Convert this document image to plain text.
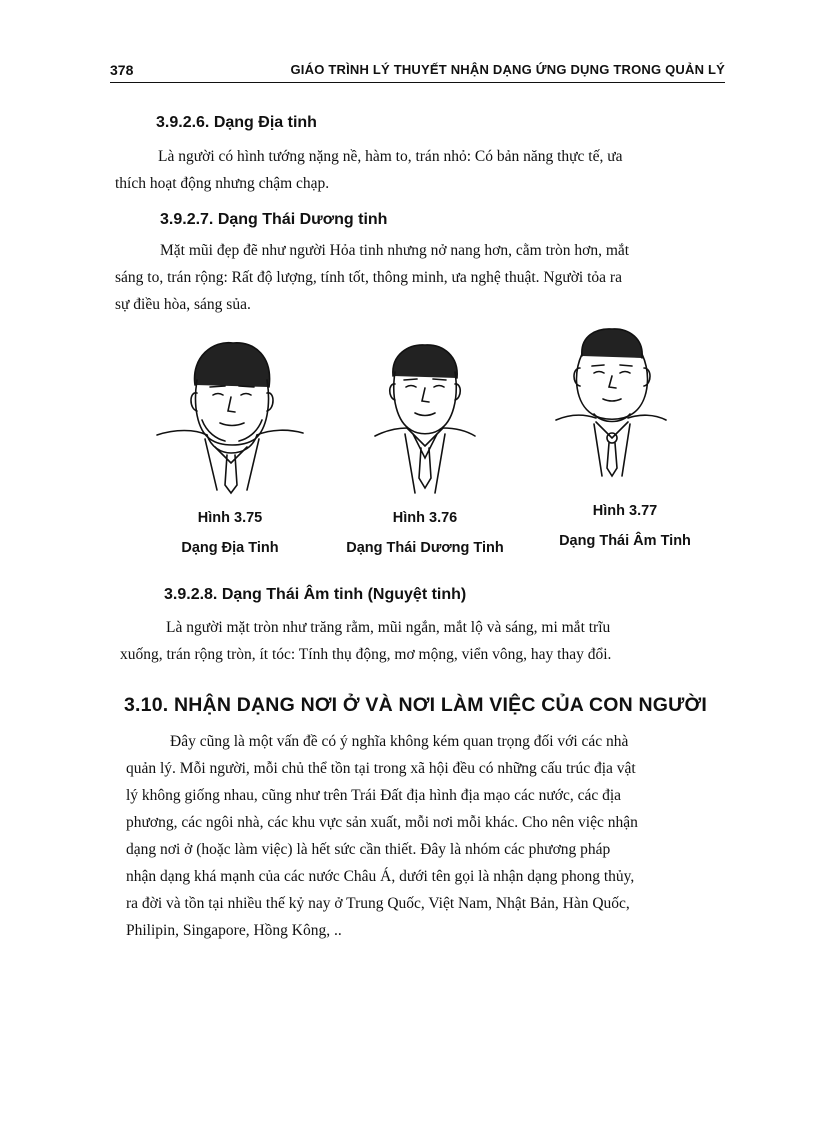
378	GIÁO TRÌNH LÝ THUYẾT NHẬN DẠNG ỨNG DỤNG TRONG QUẢN LÝ
3.9.2.6. Dạng Địa tinh
Là người có hình tướng nặng nề, hàm to, trán nhỏ: Có bản năng thực tế, ưa
thích hoạt động nhưng chậm chạp.
3.9.2.7. Dạng Thái Dương tinh
Mặt mũi đẹp đẽ như người Hỏa tinh nhưng nở nang hơn, cằm tròn hơn, mắt
sáng to, trán rộng: Rất độ lượng, tính tốt, thông minh, ưa nghệ thuật. Người tỏa ra
sự điều hòa, sáng sủa.
Hình 3.75
Dạng Địa Tinh
Hình 3.76
Dạng Thái Dương Tinh
Hình 3.77
Dạng Thái Âm Tinh
3.9.2.8. Dạng Thái Âm tinh (Nguyệt tinh)
Là người mặt tròn như trăng rằm, mũi ngắn, mắt lộ và sáng, mi mắt trĩu
xuống, trán rộng tròn, ít tóc: Tính thụ động, mơ mộng, viển vông, hay thay đổi.
3.10. NHẬN DẠNG NƠI Ở VÀ NƠI LÀM VIỆC CỦA CON NGƯỜI
Đây cũng là một vấn đề có ý nghĩa không kém quan trọng đối với các nhà
quản lý. Mỗi người, mỗi chủ thể tồn tại trong xã hội đều có những cấu trúc địa vật
lý không giống nhau, cũng như trên Trái Đất địa hình địa mạo các nước, các địa
phương, các ngôi nhà, các khu vực sản xuất, mỗi nơi mỗi khác. Cho nên việc nhận
dạng nơi ở (hoặc làm việc) là hết sức cần thiết. Đây là nhóm các phương pháp
nhận dạng khá mạnh của các nước Châu Á, dưới tên gọi là nhận dạng phong thủy,
ra đời và tồn tại nhiều thế kỷ nay ở Trung Quốc, Việt Nam, Nhật Bản, Hàn Quốc,
Philipin, Singapore, Hồng Kông, ..
